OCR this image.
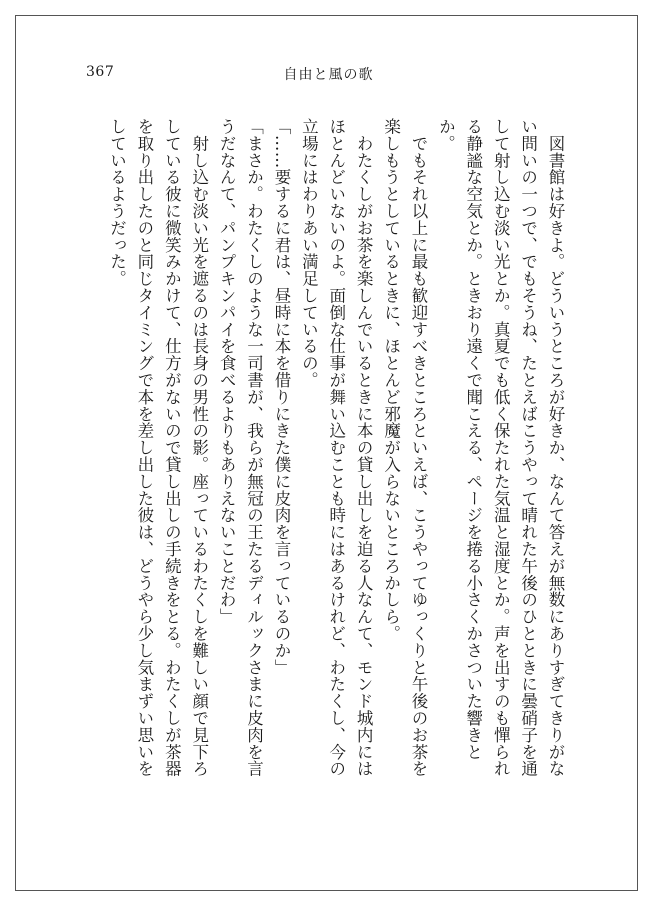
367	自由と風の歌

　図書館は好きよ。どういうところが好きか、なんて答えが無数にありすぎてきりがない問いの一つで、でもそうね、たとえばこうやって晴れた午後のひとときに曇硝子を通して射し込む淡い光とか。真夏でも低く保たれた気温と湿度とか。声を出すのも憚られる静謐な空気とか。ときおり遠くで聞こえる、ページを捲る小さくかさついた響きとか。

　でもそれ以上に最も歓迎すべきところといえば、こうやってゆっくりと午後のお茶を楽しもうとしているときに、ほとんど邪魔が入らないところかしら。

　わたくしがお茶を楽しんでいるときに本の貸し出しを迫る人なんて、モンド城内にはほとんどいないのよ。面倒な仕事が舞い込むことも時にはあるけれど、わたくし、今の立場にはわりあい満足しているの。

「……要するに君は、昼時に本を借りにきた僕に皮肉を言っているのか」

「まさか。わたくしのような一司書が、我らが無冠の王たるディルックさまに皮肉を言うだなんて、パンプキンパイを食べるよりもありえないことだわ」

　射し込む淡い光を遮るのは長身の男性の影。座っているわたくしを難しい顔で見下ろしている彼に微笑みかけて、仕方がないので貸し出しの手続きをとる。わたくしが茶器を取り出したのと同じタイミングで本を差し出した彼は、どうやら少し気まずい思いをしているようだった。
